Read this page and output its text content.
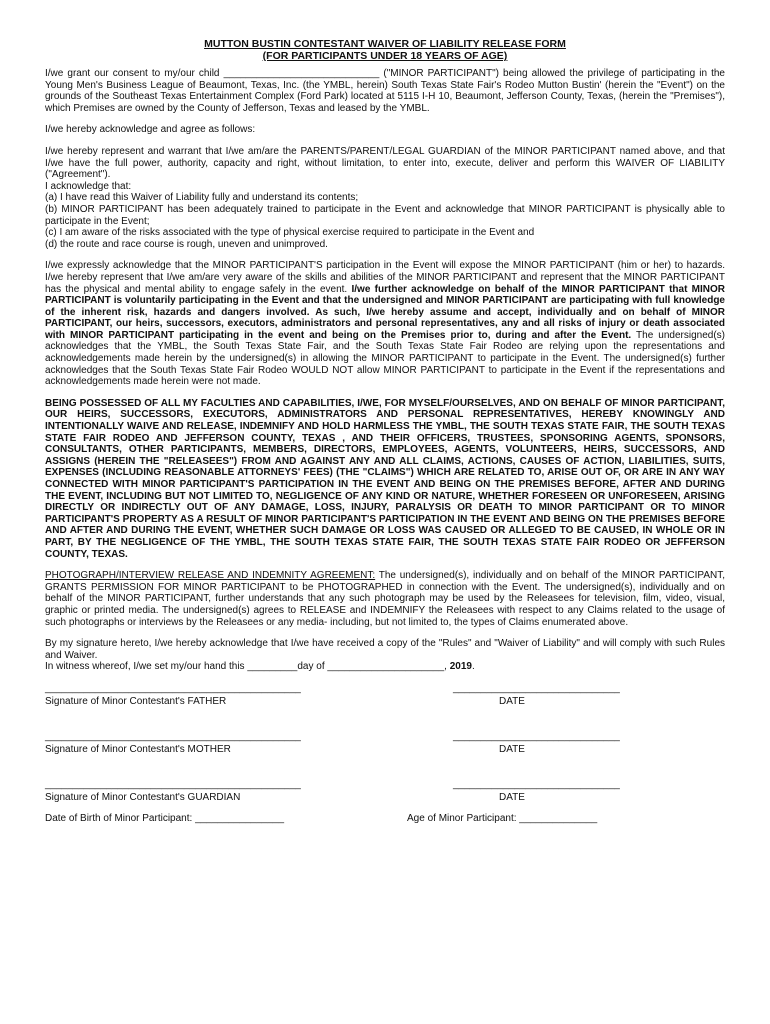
MUTTON BUSTIN CONTESTANT WAIVER OF LIABILITY RELEASE FORM
(FOR PARTICIPANTS UNDER 18 YEARS OF AGE)

I/we grant our consent to my/our child ____________________________ ("MINOR PARTICIPANT") being allowed the privilege of participating in the Young Men's Business League of Beaumont, Texas, Inc. (the YMBL, herein) South Texas State Fair's Rodeo Mutton Bustin' (herein the "Event") on the grounds of the Southeast Texas Entertainment Complex (Ford Park) located at 5115 I-H 10, Beaumont, Jefferson County, Texas, (herein the "Premises"), which Premises are owned by the County of Jefferson, Texas and leased by the YMBL.

I/we hereby acknowledge and agree as follows:

I/we hereby represent and warrant that I/we am/are the PARENTS/PARENT/LEGAL GUARDIAN of the MINOR PARTICIPANT named above, and that I/we have the full power, authority, capacity and right, without limitation, to enter into, execute, deliver and perform this WAIVER OF LIABILITY ("Agreement").

I acknowledge that:

(a) I have read this Waiver of Liability fully and understand its contents;

(b) MINOR PARTICIPANT has been adequately trained to participate in the Event and acknowledge that MINOR PARTICIPANT is physically able to participate in the Event;

(c) I am aware of the risks associated with the type of physical exercise required to participate in the Event and

(d) the route and race course is rough, uneven and unimproved.

I/we expressly acknowledge that the MINOR PARTICIPANT'S participation in the Event will expose the MINOR PARTICIPANT (him or her) to hazards. I/we hereby represent that I/we am/are very aware of the skills and abilities of the MINOR PARTICIPANT and represent that the MINOR PARTICIPANT has the physical and mental ability to engage safely in the event. I/we further acknowledge on behalf of the MINOR PARTICIPANT that MINOR PARTICIPANT is voluntarily participating in the Event and that the undersigned and MINOR PARTICIPANT are participating with full knowledge of the inherent risk, hazards and dangers involved. As such, I/we hereby assume and accept, individually and on behalf of MINOR PARTICIPANT, our heirs, successors, executors, administrators and personal representatives, any and all risks of injury or death associated with MINOR PARTICIPANT participating in the event and being on the Premises prior to, during and after the Event. The undersigned(s) acknowledges that the YMBL, the South Texas State Fair, and the South Texas State Fair Rodeo are relying upon the representations and acknowledgements made herein by the undersigned(s) in allowing the MINOR PARTICIPANT to participate in the Event. The undersigned(s) further acknowledges that the South Texas State Fair Rodeo WOULD NOT allow MINOR PARTICIPANT to participate in the Event if the representations and acknowledgements made herein were not made.

BEING POSSESSED OF ALL MY FACULTIES AND CAPABILITIES, I/WE, FOR MYSELF/OURSELVES, AND ON BEHALF OF MINOR PARTICIPANT, OUR HEIRS, SUCCESSORS, EXECUTORS, ADMINISTRATORS AND PERSONAL REPRESENTATIVES, HEREBY KNOWINGLY AND INTENTIONALLY WAIVE AND RELEASE, INDEMNIFY AND HOLD HARMLESS THE YMBL, THE SOUTH TEXAS STATE FAIR, THE SOUTH TEXAS STATE FAIR RODEO AND JEFFERSON COUNTY, TEXAS , AND THEIR OFFICERS, TRUSTEES, SPONSORING AGENTS, SPONSORS, CONSULTANTS, OTHER PARTICIPANTS, MEMBERS, DIRECTORS, EMPLOYEES, AGENTS, VOLUNTEERS, HEIRS, SUCCESSORS, AND ASSIGNS (HEREIN THE "RELEASEES") FROM AND AGAINST ANY AND ALL CLAIMS, ACTIONS, CAUSES OF ACTION, LIABILITIES, SUITS, EXPENSES (INCLUDING REASONABLE ATTORNEYS' FEES) (THE "CLAIMS") WHICH ARE RELATED TO, ARISE OUT OF, OR ARE IN ANY WAY CONNECTED WITH MINOR PARTICIPANT'S PARTICIPATION IN THE EVENT AND BEING ON THE PREMISES BEFORE, AFTER AND DURING THE EVENT, INCLUDING BUT NOT LIMITED TO, NEGLIGENCE OF ANY KIND OR NATURE, WHETHER FORESEEN OR UNFORESEEN, ARISING DIRECTLY OR INDIRECTLY OUT OF ANY DAMAGE, LOSS, INJURY, PARALYSIS OR DEATH TO MINOR PARTICIPANT OR TO MINOR PARTICIPANT'S PROPERTY AS A RESULT OF MINOR PARTICIPANT'S PARTICIPATION IN THE EVENT AND BEING ON THE PREMISES BEFORE AND AFTER AND DURING THE EVENT, WHETHER SUCH DAMAGE OR LOSS WAS CAUSED OR ALLEGED TO BE CAUSED, IN WHOLE OR IN PART, BY THE NEGLIGENCE OF THE YMBL, THE SOUTH TEXAS STATE FAIR, THE SOUTH TEXAS STATE FAIR RODEO OR JEFFERSON COUNTY, TEXAS.

PHOTOGRAPH/INTERVIEW RELEASE AND INDEMNITY AGREEMENT: The undersigned(s), individually and on behalf of the MINOR PARTICIPANT, GRANTS PERMISSION FOR MINOR PARTICIPANT to be PHOTOGRAPHED in connection with the Event. The undersigned(s), individually and on behalf of the MINOR PARTICIPANT, further understands that any such photograph may be used by the Releasees for television, film, video, visual, graphic or printed media. The undersigned(s) agrees to RELEASE and INDEMNIFY the Releasees with respect to any Claims related to the usage of such photographs or interviews by the Releasees or any media- including, but not limited to, the types of Claims enumerated above.

By my signature hereto, I/we hereby acknowledge that I/we have received a copy of the "Rules" and "Waiver of Liability" and will comply with such Rules and Waiver.

In witness whereof, I/we set my/our hand this _________day of _____________________, 2019.

______________________________________________
Signature of Minor Contestant's FATHER
______________________________
DATE
______________________________________________
Signature of Minor Contestant's MOTHER
______________________________
DATE
______________________________________________
Signature of Minor Contestant's GUARDIAN
______________________________
DATE
Date of Birth of Minor Participant: ________________	Age of Minor Participant: ______________
